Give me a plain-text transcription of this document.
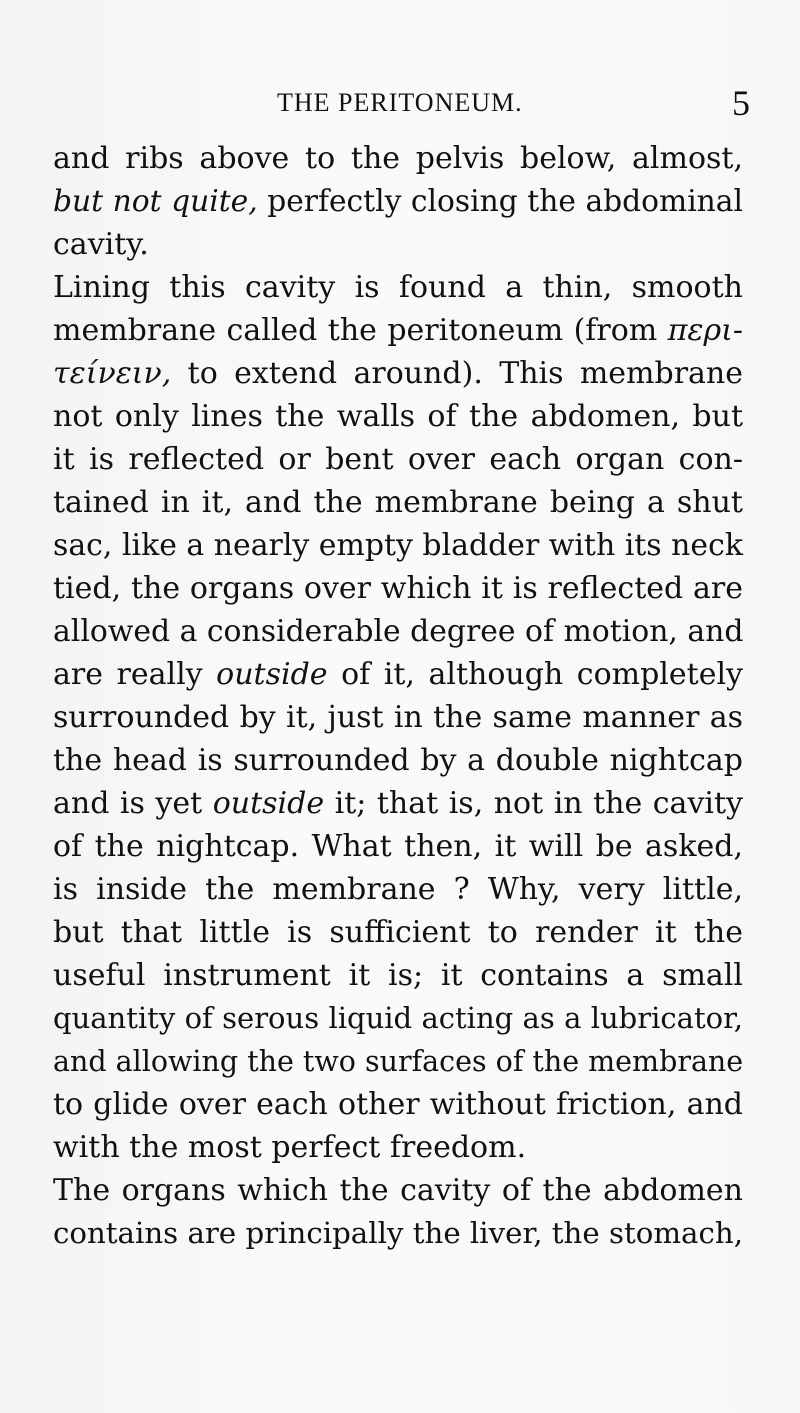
THE PERITONEUM.	5
and ribs above to the pelvis below, almost,
but not quite, perfectly closing the abdominal
cavity.
Lining this cavity is found a thin, smooth
membrane called the peritoneum (from περι-
τείνειν, to extend around). This membrane
not only lines the walls of the abdomen, but
it is reflected or bent over each organ con-
tained in it, and the membrane being a shut
sac, like a nearly empty bladder with its neck
tied, the organs over which it is reflected are
allowed a considerable degree of motion, and
are really outside of it, although completely
surrounded by it, just in the same manner as
the head is surrounded by a double nightcap
and is yet outside it; that is, not in the cavity
of the nightcap. What then, it will be asked,
is inside the membrane ? Why, very little,
but that little is sufficient to render it the
useful instrument it is; it contains a small
quantity of serous liquid acting as a lubricator,
and allowing the two surfaces of the membrane
to glide over each other without friction, and
with the most perfect freedom.
The organs which the cavity of the abdomen
contains are principally the liver, the stomach,
